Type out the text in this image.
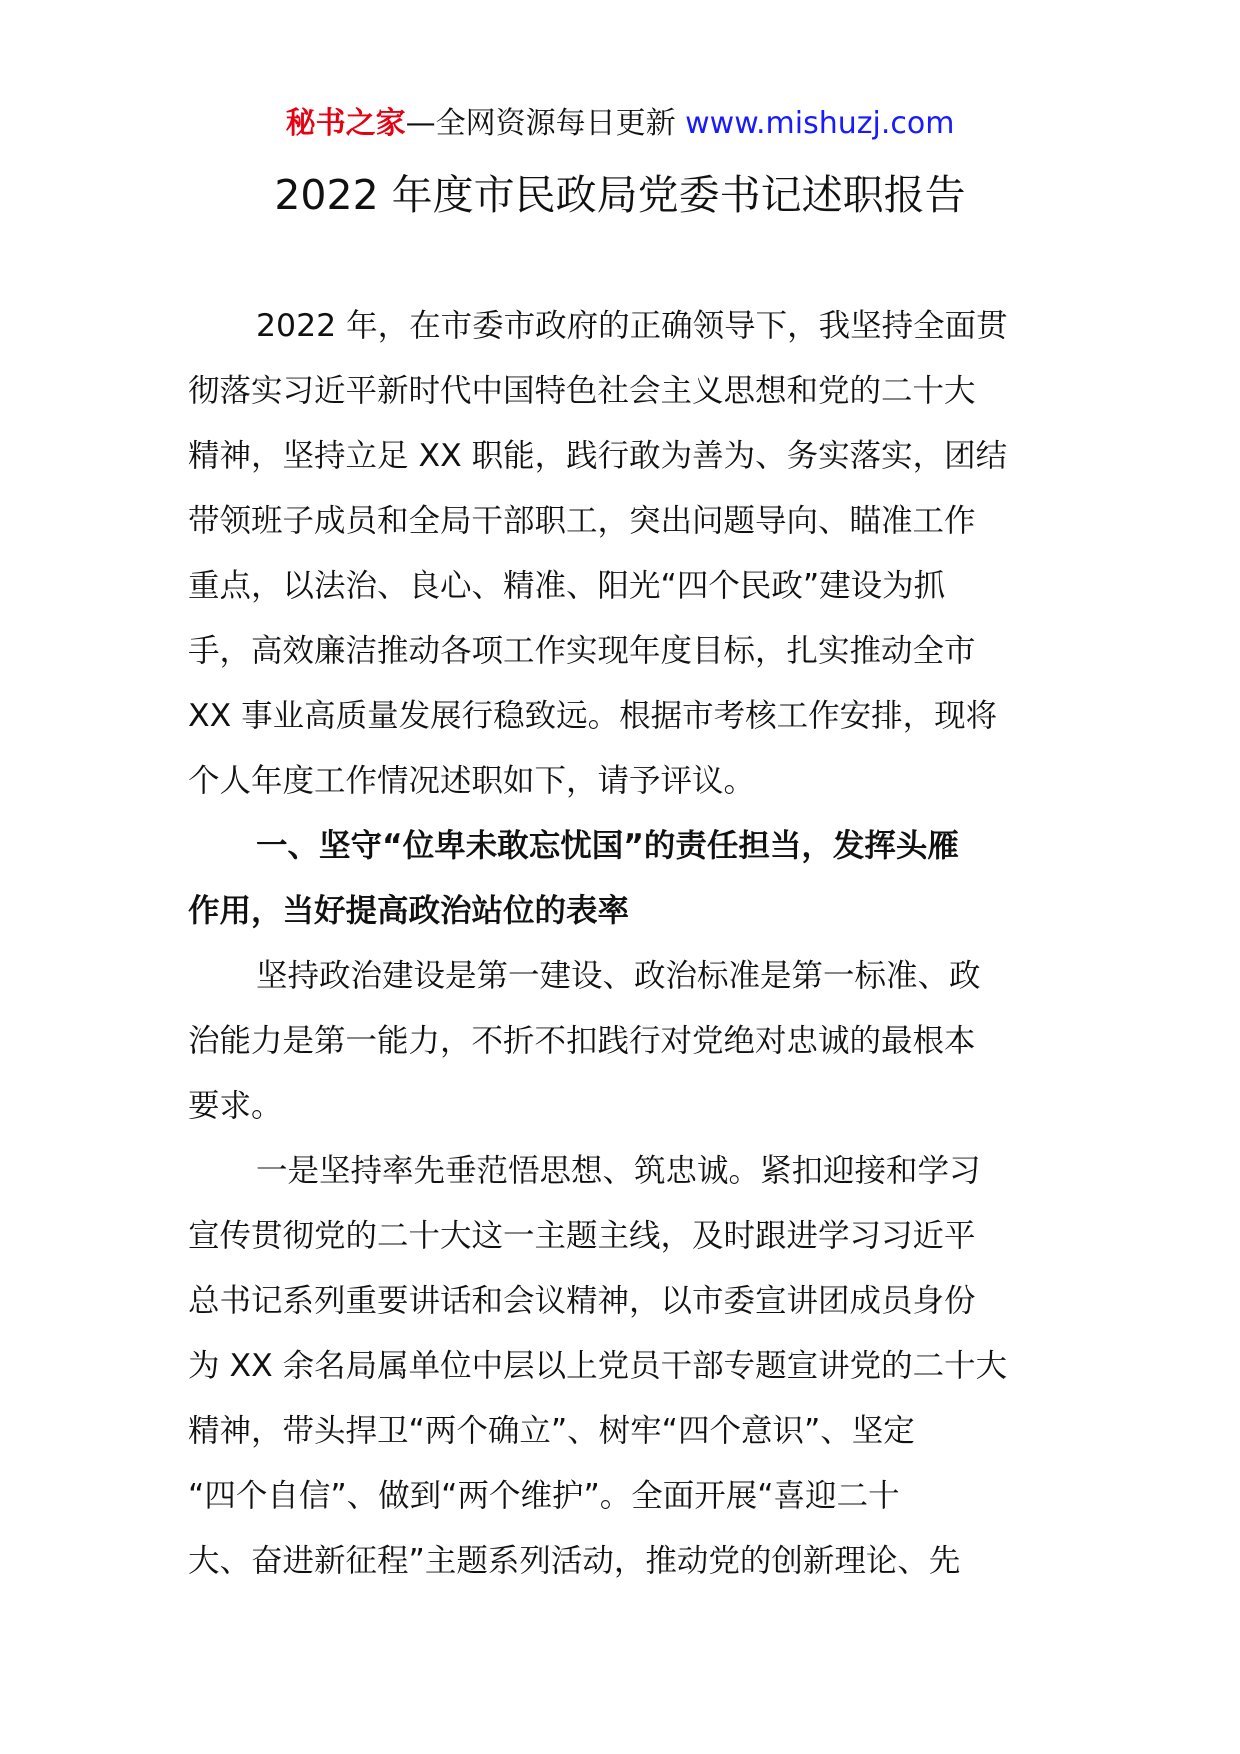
秘书之家—全网资源每日更新 www.mishuzj.com
2022 年度市民政局党委书记述职报告
2022 年，在市委市政府的正确领导下，我坚持全面贯
彻落实习近平新时代中国特色社会主义思想和党的二十大
精神，坚持立足 XX 职能，践行敢为善为、务实落实，团结
带领班子成员和全局干部职工，突出问题导向、瞄准工作
重点，以法治、良心、精准、阳光“四个民政”建设为抓
手，高效廉洁推动各项工作实现年度目标，扎实推动全市
XX 事业高质量发展行稳致远。根据市考核工作安排，现将
个人年度工作情况述职如下，请予评议。
一、坚守“位卑未敢忘忧国”的责任担当，发挥头雁
作用，当好提高政治站位的表率
坚持政治建设是第一建设、政治标准是第一标准、政
治能力是第一能力，不折不扣践行对党绝对忠诚的最根本
要求。
一是坚持率先垂范悟思想、筑忠诚。紧扣迎接和学习
宣传贯彻党的二十大这一主题主线，及时跟进学习习近平
总书记系列重要讲话和会议精神，以市委宣讲团成员身份
为 XX 余名局属单位中层以上党员干部专题宣讲党的二十大
精神，带头捍卫“两个确立”、树牢“四个意识”、坚定
“四个自信”、做到“两个维护”。全面开展“喜迎二十
大、奋进新征程”主题系列活动，推动党的创新理论、先
